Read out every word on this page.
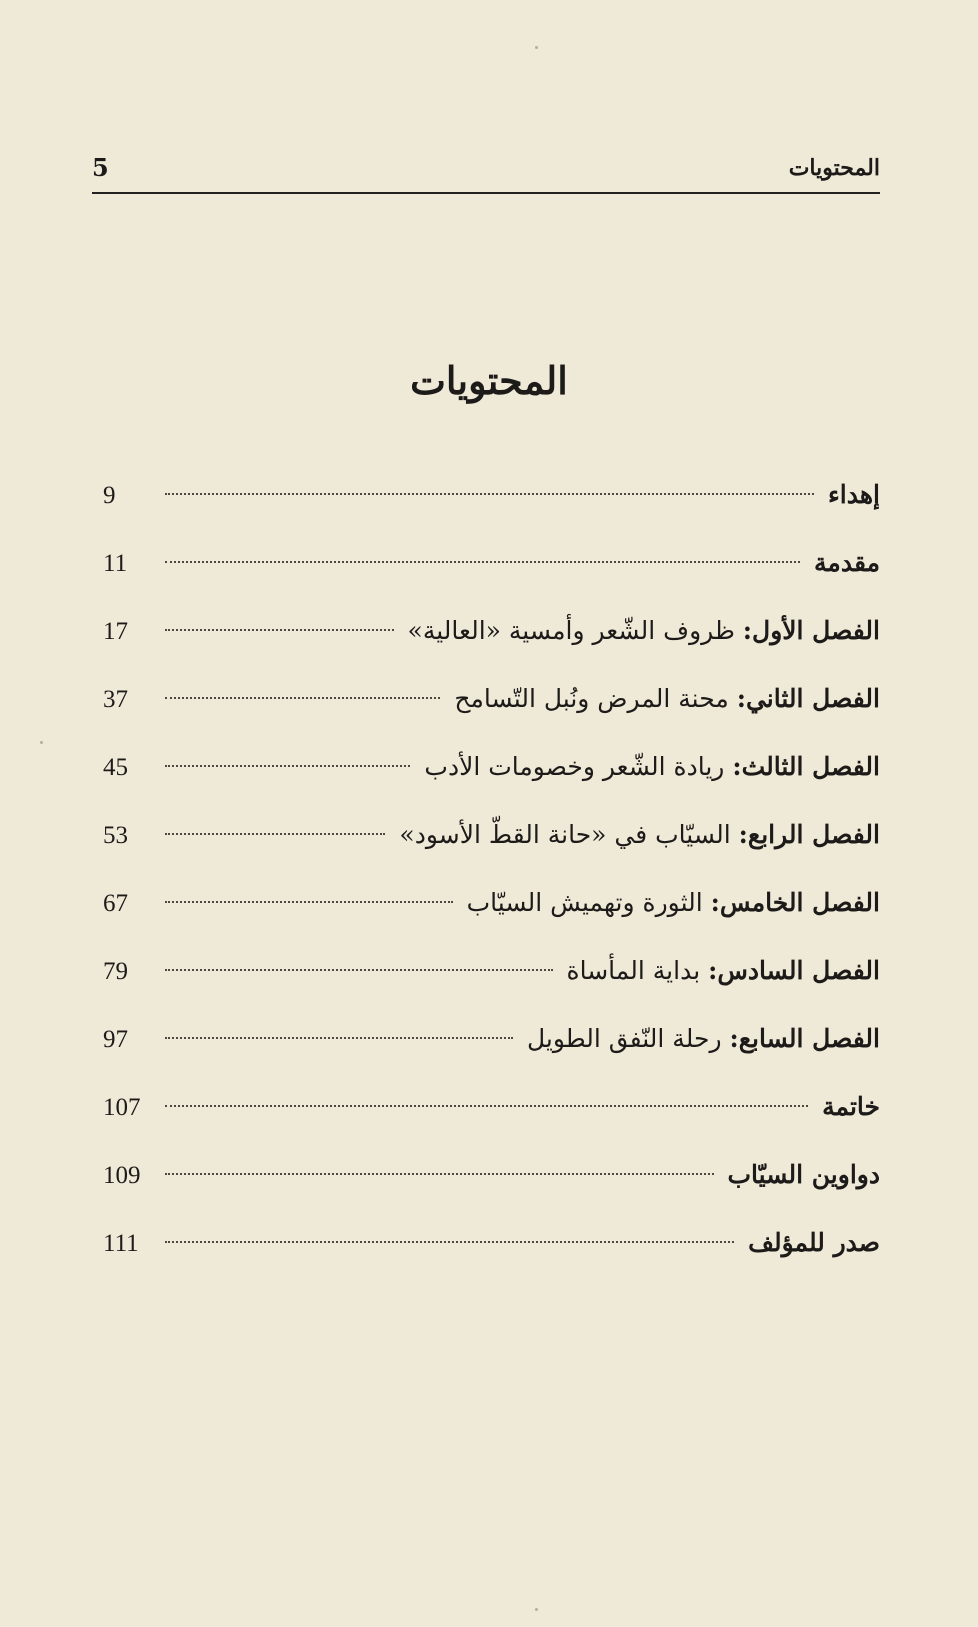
المحتويات
5
المحتويات
إهداء
9
مقدمة
11
الفصل الأول: ظروف الشّعر وأمسية «العالية»
17
الفصل الثاني: محنة المرض ونُبل التّسامح
37
الفصل الثالث: ريادة الشّعر وخصومات الأدب
45
الفصل الرابع: السيّاب في «حانة القطّ الأسود»
53
الفصل الخامس: الثورة وتهميش السيّاب
67
الفصل السادس: بداية المأساة
79
الفصل السابع: رحلة النّفق الطويل
97
خاتمة
107
دواوين السيّاب
109
صدر للمؤلف
111
